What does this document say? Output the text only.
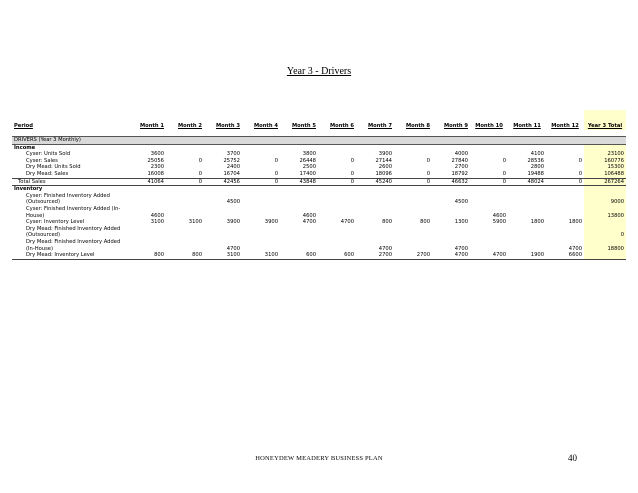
Year 3 - Drivers
Period	Month 1	Month 2	Month 3	Month 4	Month 5	Month 6	Month 7	Month 8	Month 9	Month 10	Month 11	Month 12	Year 3 Total

DRIVERS (Year 3 Monthly)													
Income													
Cyser: Units Sold	3600		3700		3800		3900		4000		4100		23100
Cyser: Sales	25056	0	25752	0	26448	0	27144	0	27840	0	28536	0	160776
Dry Mead: Units Sold	2300		2400		2500		2600		2700		2800		15300
Dry Mead: Sales	16008	0	16704	0	17400	0	18096	0	18792	0	19488	0	106488
Total Sales	41064	0	42456	0	43848	0	45240	0	46632	0	48024	0	267264
Inventory													
Cyser: Finished Inventory Added (Outsourced)			4500						4500				9000
Cyser: Finished Inventory Added (In-House)	4600				4600					4600			13800
Cyser: Inventory Level	3100	3100	3900	3900	4700	4700	800	800	1300	5900	1800	1800	
Dry Mead: Finished Inventory Added (Outsourced)													0
Dry Mead: Finished Inventory Added (In-House)			4700				4700		4700			4700	18800
Dry Mead: Inventory Level	800	800	3100	3100	600	600	2700	2700	4700	4700	1900	6600	
HONEYDEW MEADERY BUSINESS PLAN	40
